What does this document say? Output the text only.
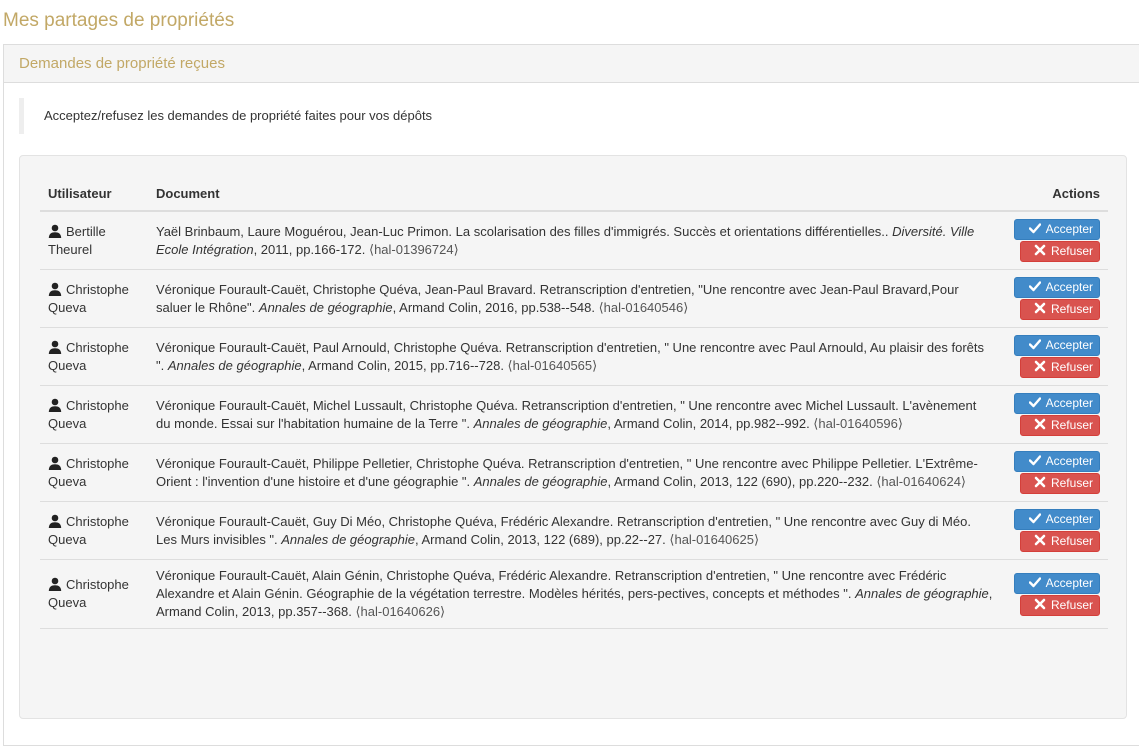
Mes partages de propriétés
Demandes de propriété reçues
Acceptez/refusez les demandes de propriété faites pour vos dépôts
Utilisateur	Document	Actions
Bertille Theurel	Yaël Brinbaum, Laure Moguérou, Jean-Luc Primon. La scolarisation des filles d'immigrés. Succès et orientations différentielles.. Diversité. Ville Ecole Intégration, 2011, pp.166-172. ⟨hal-01396724⟩	Accepter
Refuser

Christophe Queva	Véronique Fourault-Cauët, Christophe Quéva, Jean-Paul Bravard. Retranscription d'entretien, "Une rencontre avec Jean-Paul Bravard,Pour saluer le Rhône". Annales de géographie, Armand Colin, 2016, pp.538--548. ⟨hal-01640546⟩	Accepter
Refuser

Christophe Queva	Véronique Fourault-Cauët, Paul Arnould, Christophe Quéva. Retranscription d'entretien, " Une rencontre avec Paul Arnould, Au plaisir des forêts ". Annales de géographie, Armand Colin, 2015, pp.716--728. ⟨hal-01640565⟩	Accepter
Refuser

Christophe Queva	Véronique Fourault-Cauët, Michel Lussault, Christophe Quéva. Retranscription d'entretien, " Une rencontre avec Michel Lussault. L'avènement du monde. Essai sur l'habitation humaine de la Terre ". Annales de géographie, Armand Colin, 2014, pp.982--992. ⟨hal-01640596⟩	Accepter
Refuser

Christophe Queva	Véronique Fourault-Cauët, Philippe Pelletier, Christophe Quéva. Retranscription d'entretien, " Une rencontre avec Philippe Pelletier. L'Extrême-Orient : l'invention d'une histoire et d'une géographie ". Annales de géographie, Armand Colin, 2013, 122 (690), pp.220--232. ⟨hal-01640624⟩	Accepter
Refuser

Christophe Queva	Véronique Fourault-Cauët, Guy Di Méo, Christophe Quéva, Frédéric Alexandre. Retranscription d'entretien, " Une rencontre avec Guy di Méo. Les Murs invisibles ". Annales de géographie, Armand Colin, 2013, 122 (689), pp.22--27. ⟨hal-01640625⟩	Accepter
Refuser

Christophe Queva	Véronique Fourault-Cauët, Alain Génin, Christophe Quéva, Frédéric Alexandre. Retranscription d'entretien, " Une rencontre avec Frédéric Alexandre et Alain Génin. Géographie de la végétation terrestre. Modèles hérités, pers-pectives, concepts et méthodes ". Annales de géographie, Armand Colin, 2013, pp.357--368. ⟨hal-01640626⟩	Accepter
Refuser
